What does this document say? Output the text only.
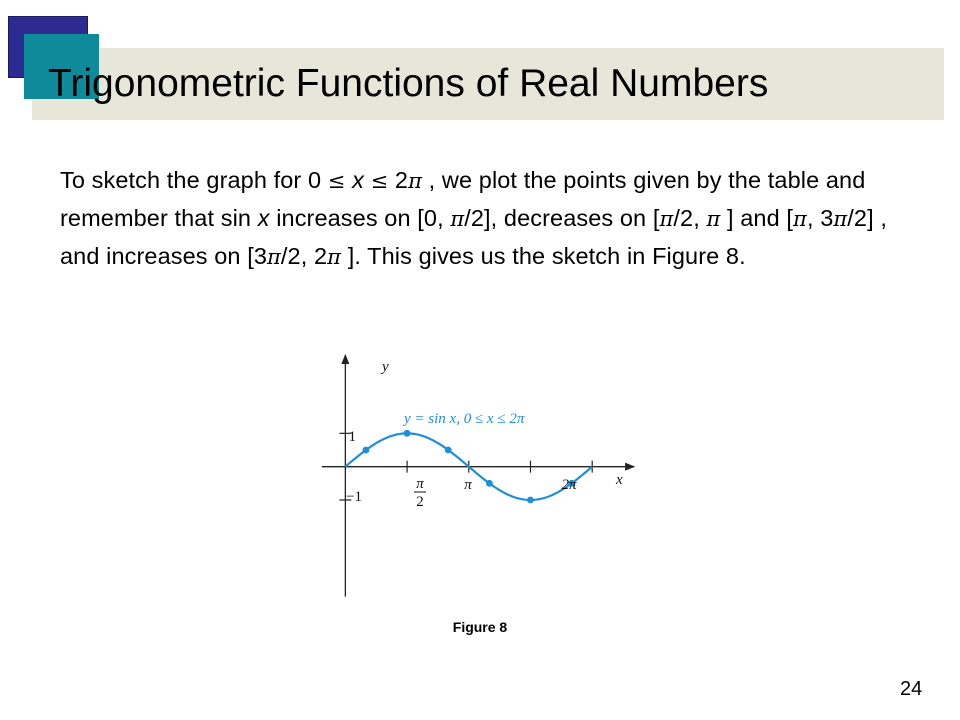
Trigonometric Functions of Real Numbers

To sketch the graph for 0 ≤ x ≤ 2π , we plot the points given by the table and remember that sin x increases on [0, π/2], decreases on [π/2, π ] and [π, 3π/2] , and increases on [3π/2, 2π ]. This gives us the sketch in Figure 8.

y
x
1
−1
π
2
π	2π
y = sin x, 0 ≤ x ≤ 2π
Figure 8
24
